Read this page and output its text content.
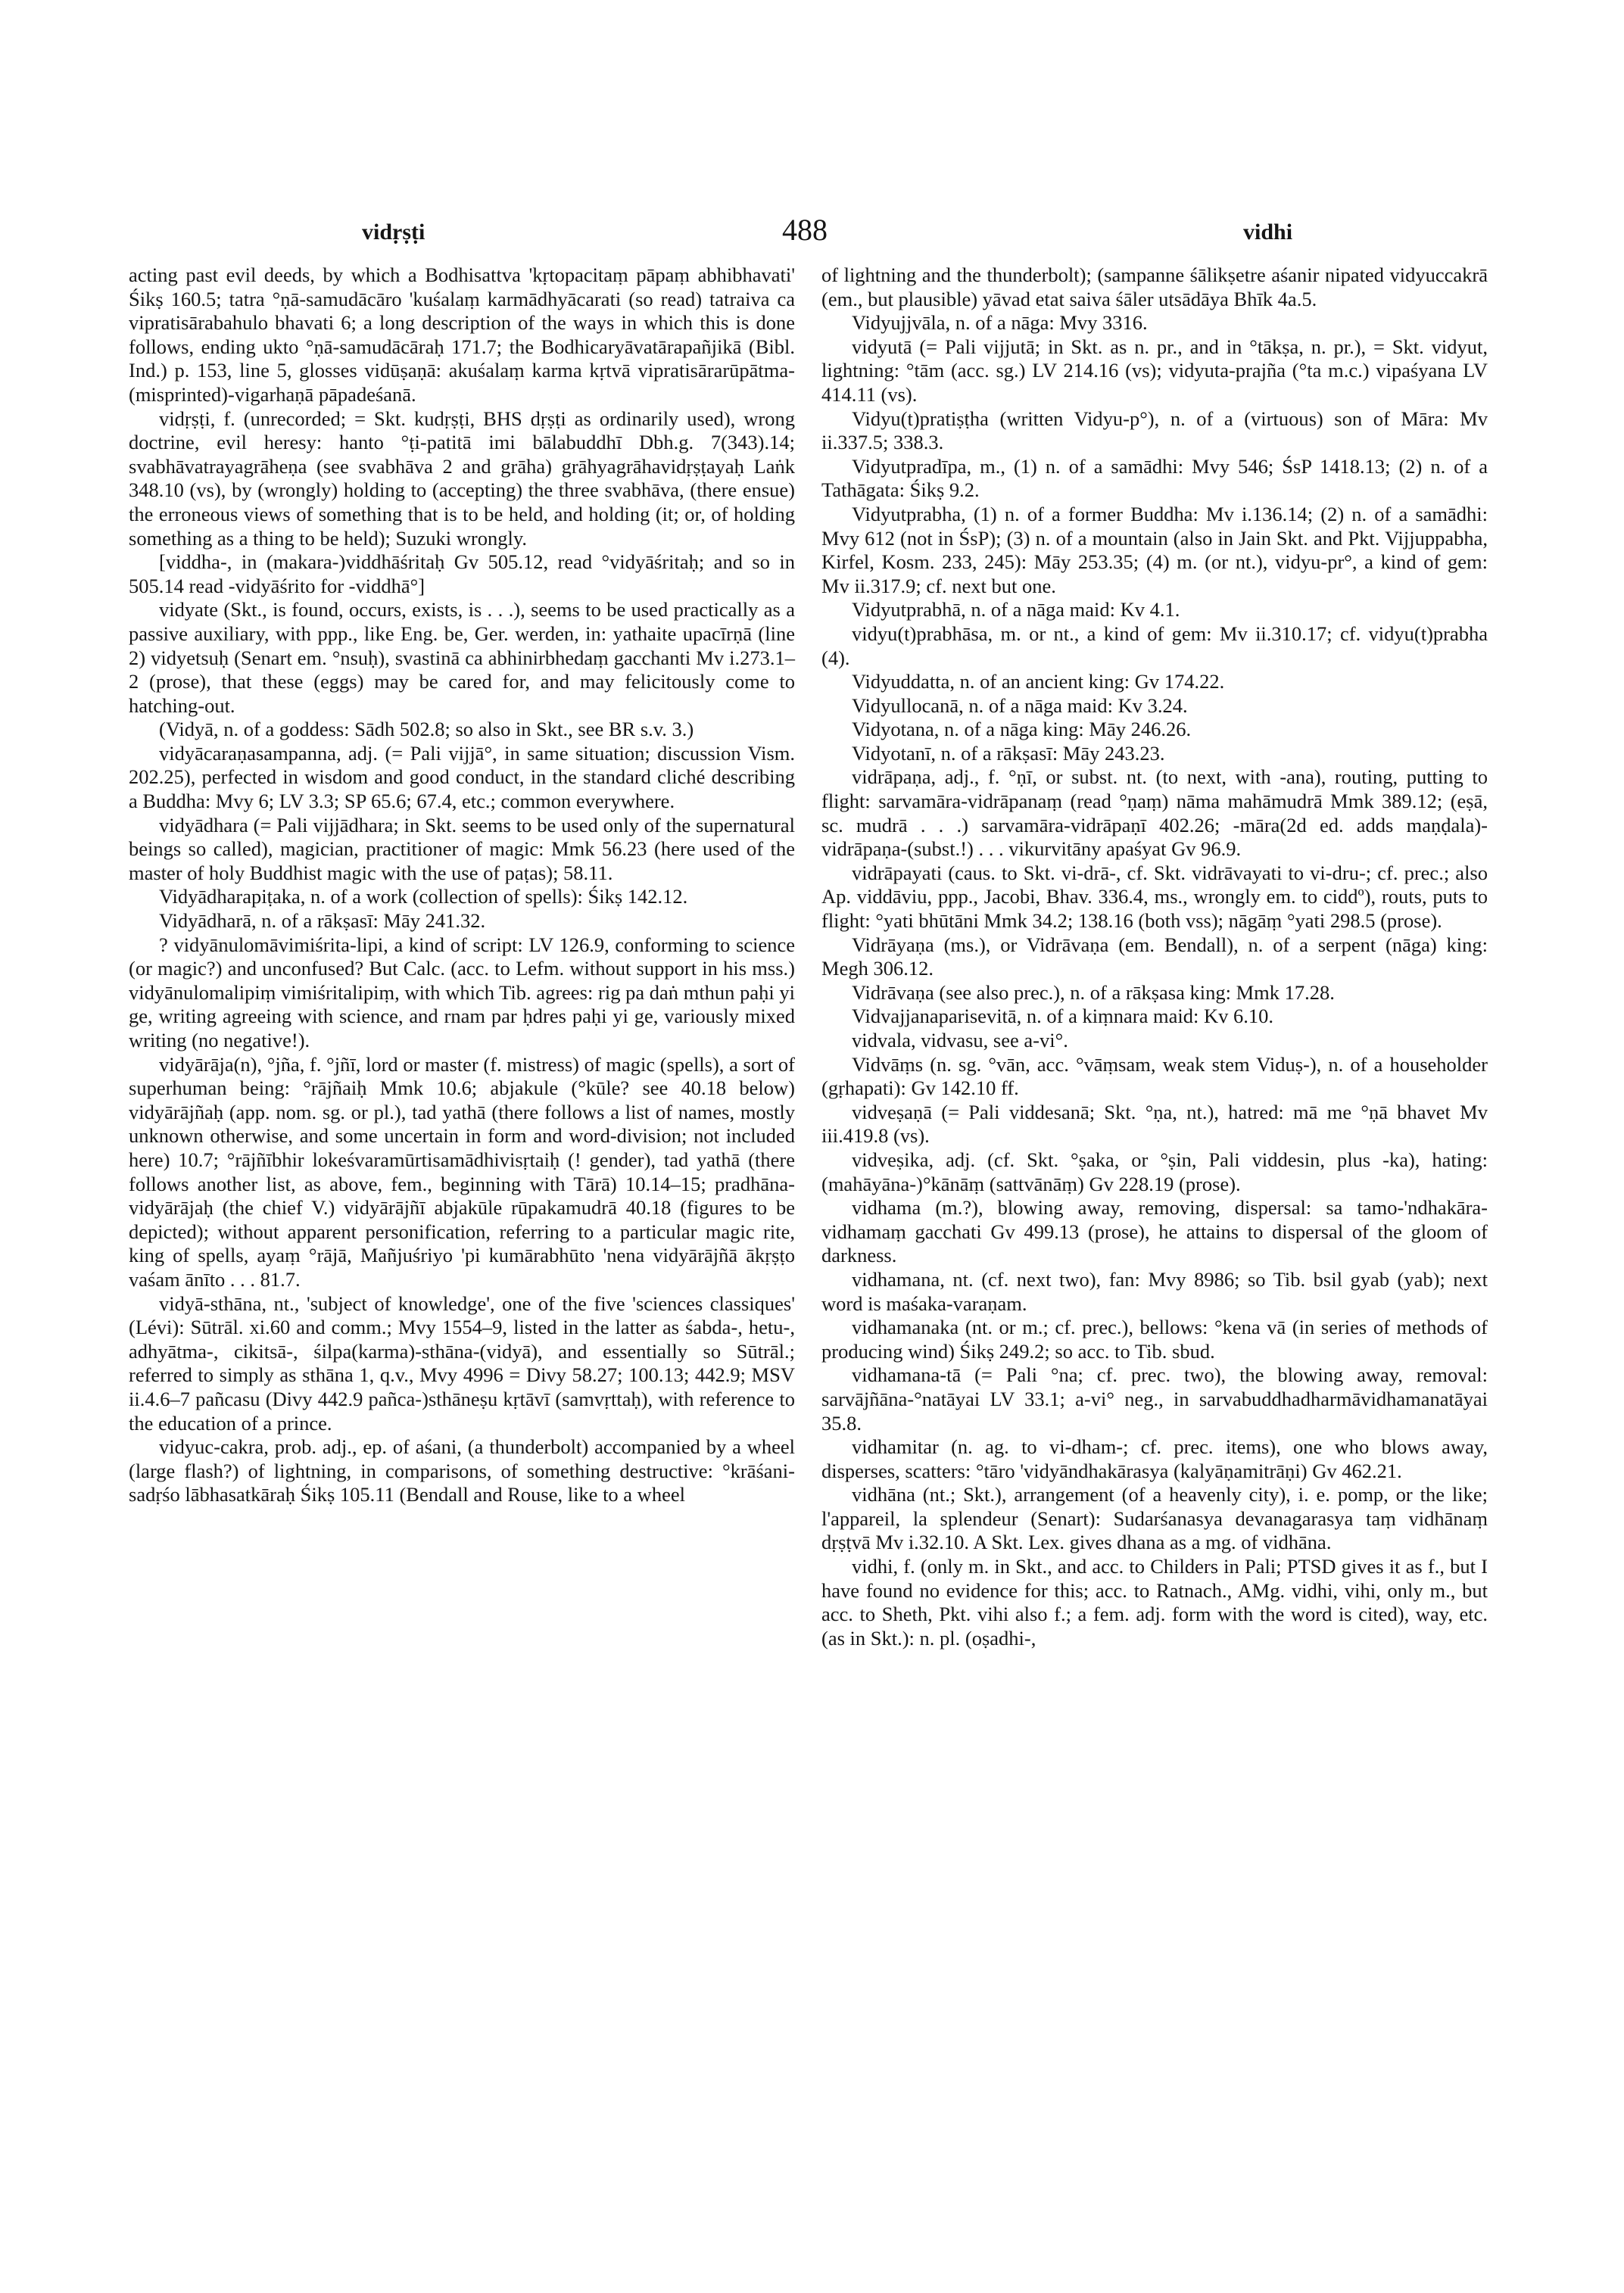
vidṛṣṭi	488	vidhi

acting past evil deeds, by which a Bodhisattva 'kṛtopacitaṃ pāpaṃ abhibhavati' Śikṣ 160.5; tatra °ṇā-samudācāro 'kuśalaṃ karmādhyācarati (so read) tatraiva ca vipratisārabahulo bhavati 6; a long description of the ways in which this is done follows, ending ukto °ṇā-samudācāraḥ 171.7; the Bodhicaryāvatārapañjikā (Bibl. Ind.) p. 153, line 5, glosses vidūṣaṇā: akuśalaṃ karma kṛtvā vipratisārarūpātma-(misprinted)-vigarhaṇā pāpadeśanā.

vidṛṣṭi, f. (unrecorded; = Skt. kudṛṣṭi, BHS dṛṣṭi as ordinarily used), wrong doctrine, evil heresy: hanto °ṭi-patitā imi bālabuddhī Dbh.g. 7(343).14; svabhāvatrayagrāheṇa (see svabhāva 2 and grāha) grāhyagrāhavidṛṣṭayaḥ Laṅk 348.10 (vs), by (wrongly) holding to (accepting) the three svabhāva, (there ensue) the erroneous views of something that is to be held, and holding (it; or, of holding something as a thing to be held); Suzuki wrongly.

[viddha-, in (makara-)viddhāśritaḥ Gv 505.12, read °vidyāśritaḥ; and so in 505.14 read -vidyāśrito for -viddhā°]

vidyate (Skt., is found, occurs, exists, is . . .), seems to be used practically as a passive auxiliary, with ppp., like Eng. be, Ger. werden, in: yathaite upacīrṇā (line 2) vidyetsuḥ (Senart em. °nsuḥ), svastinā ca abhinirbhedaṃ gacchanti Mv i.273.1–2 (prose), that these (eggs) may be cared for, and may felicitously come to hatching-out.

(Vidyā, n. of a goddess: Sādh 502.8; so also in Skt., see BR s.v. 3.)

vidyācaraṇasampanna, adj. (= Pali vijjā°, in same situation; discussion Vism. 202.25), perfected in wisdom and good conduct, in the standard cliché describing a Buddha: Mvy 6; LV 3.3; SP 65.6; 67.4, etc.; common everywhere.

vidyādhara (= Pali vijjādhara; in Skt. seems to be used only of the supernatural beings so called), magician, practitioner of magic: Mmk 56.23 (here used of the master of holy Buddhist magic with the use of paṭas); 58.11.

Vidyādharapiṭaka, n. of a work (collection of spells): Śikṣ 142.12.

Vidyādharā, n. of a rākṣasī: Māy 241.32.

? vidyānulomāvimiśrita-lipi, a kind of script: LV 126.9, conforming to science (or magic?) and unconfused? But Calc. (acc. to Lefm. without support in his mss.) vidyānulomalipiṃ vimiśritalipiṃ, with which Tib. agrees: rig pa daṅ mthun paḥi yi ge, writing agreeing with science, and rnam par ḥdres paḥi yi ge, variously mixed writing (no negative!).

vidyārāja(n), °jña, f. °jñī, lord or master (f. mistress) of magic (spells), a sort of superhuman being: °rājñaiḥ Mmk 10.6; abjakule (°kūle? see 40.18 below) vidyārājñaḥ (app. nom. sg. or pl.), tad yathā (there follows a list of names, mostly unknown otherwise, and some uncertain in form and word-division; not included here) 10.7; °rājñībhir lokeśvaramūrtisamādhivisṛtaiḥ (! gender), tad yathā (there follows another list, as above, fem., beginning with Tārā) 10.14–15; pradhāna-vidyārājaḥ (the chief V.) vidyārājñī abjakūle rūpakamudrā 40.18 (figures to be depicted); without apparent personification, referring to a particular magic rite, king of spells, ayaṃ °rājā, Mañjuśriyo 'pi kumārabhūto 'nena vidyārājñā ākṛṣṭo vaśam ānīto . . . 81.7.

vidyā-sthāna, nt., 'subject of knowledge', one of the five 'sciences classiques' (Lévi): Sūtrāl. xi.60 and comm.; Mvy 1554–9, listed in the latter as śabda-, hetu-, adhyātma-, cikitsā-, śilpa(karma)-sthāna-(vidyā), and essentially so Sūtrāl.; referred to simply as sthāna 1, q.v., Mvy 4996 = Divy 58.27; 100.13; 442.9; MSV ii.4.6–7 pañcasu (Divy 442.9 pañca-)sthāneṣu kṛtāvī (samvṛttaḥ), with reference to the education of a prince.

vidyuc-cakra, prob. adj., ep. of aśani, (a thunderbolt) accompanied by a wheel (large flash?) of lightning, in comparisons, of something destructive: °krāśani-sadṛśo lābhasatkāraḥ Śikṣ 105.11 (Bendall and Rouse, like to a wheel

of lightning and the thunderbolt); (sampanne śālikṣetre aśanir nipated vidyuccakrā (em., but plausible) yāvad etat saiva śāler utsādāya Bhīk 4a.5.

Vidyujjvāla, n. of a nāga: Mvy 3316.

vidyutā (= Pali vijjutā; in Skt. as n. pr., and in °tākṣa, n. pr.), = Skt. vidyut, lightning: °tām (acc. sg.) LV 214.16 (vs); vidyuta-prajña (°ta m.c.) vipaśyana LV 414.11 (vs).

Vidyu(t)pratiṣṭha (written Vidyu-p°), n. of a (virtuous) son of Māra: Mv ii.337.5; 338.3.

Vidyutpradīpa, m., (1) n. of a samādhi: Mvy 546; ŚsP 1418.13; (2) n. of a Tathāgata: Śikṣ 9.2.

Vidyutprabha, (1) n. of a former Buddha: Mv i.136.14; (2) n. of a samādhi: Mvy 612 (not in ŚsP); (3) n. of a mountain (also in Jain Skt. and Pkt. Vijjuppabha, Kirfel, Kosm. 233, 245): Māy 253.35; (4) m. (or nt.), vidyu-pr°, a kind of gem: Mv ii.317.9; cf. next but one.

Vidyutprabhā, n. of a nāga maid: Kv 4.1.

vidyu(t)prabhāsa, m. or nt., a kind of gem: Mv ii.310.17; cf. vidyu(t)prabha (4).

Vidyuddatta, n. of an ancient king: Gv 174.22.

Vidyullocanā, n. of a nāga maid: Kv 3.24.

Vidyotana, n. of a nāga king: Māy 246.26.

Vidyotanī, n. of a rākṣasī: Māy 243.23.

vidrāpaṇa, adj., f. °ṇī, or subst. nt. (to next, with -ana), routing, putting to flight: sarvamāra-vidrāpanaṃ (read °ṇaṃ) nāma mahāmudrā Mmk 389.12; (eṣā, sc. mudrā . . .) sarvamāra-vidrāpaṇī 402.26; -māra(2d ed. adds maṇḍala)-vidrāpaṇa-(subst.!) . . . vikurvitāny apaśyat Gv 96.9.

vidrāpayati (caus. to Skt. vi-drā-, cf. Skt. vidrāvayati to vi-dru-; cf. prec.; also Ap. viddāviu, ppp., Jacobi, Bhav. 336.4, ms., wrongly em. to ciddº), routs, puts to flight: °yati bhūtāni Mmk 34.2; 138.16 (both vss); nāgāṃ °yati 298.5 (prose).

Vidrāyaṇa (ms.), or Vidrāvaṇa (em. Bendall), n. of a serpent (nāga) king: Megh 306.12.

Vidrāvaṇa (see also prec.), n. of a rākṣasa king: Mmk 17.28.

Vidvajjanaparisevitā, n. of a kiṃnara maid: Kv 6.10.

vidvala, vidvasu, see a-vi°.

Vidvāṃs (n. sg. °vān, acc. °vāṃsam, weak stem Viduṣ-), n. of a householder (gṛhapati): Gv 142.10 ff.

vidveṣaṇā (= Pali viddesanā; Skt. °ṇa, nt.), hatred: mā me °ṇā bhavet Mv iii.419.8 (vs).

vidveṣika, adj. (cf. Skt. °ṣaka, or °ṣin, Pali viddesin, plus -ka), hating: (mahāyāna-)°kānāṃ (sattvānāṃ) Gv 228.19 (prose).

vidhama (m.?), blowing away, removing, dispersal: sa tamo-'ndhakāra-vidhamaṃ gacchati Gv 499.13 (prose), he attains to dispersal of the gloom of darkness.

vidhamana, nt. (cf. next two), fan: Mvy 8986; so Tib. bsil gyab (yab); next word is maśaka-varaṇam.

vidhamanaka (nt. or m.; cf. prec.), bellows: °kena vā (in series of methods of producing wind) Śikṣ 249.2; so acc. to Tib. sbud.

vidhamana-tā (= Pali °na; cf. prec. two), the blowing away, removal: sarvājñāna-°natāyai LV 33.1; a-vi° neg., in sarvabuddhadharmāvidhamanatāyai 35.8.

vidhamitar (n. ag. to vi-dham-; cf. prec. items), one who blows away, disperses, scatters: °tāro 'vidyāndhakārasya (kalyāṇamitrāṇi) Gv 462.21.

vidhāna (nt.; Skt.), arrangement (of a heavenly city), i. e. pomp, or the like; l'appareil, la splendeur (Senart): Sudarśanasya devanagarasya taṃ vidhānaṃ dṛṣṭvā Mv i.32.10. A Skt. Lex. gives dhana as a mg. of vidhāna.

vidhi, f. (only m. in Skt., and acc. to Childers in Pali; PTSD gives it as f., but I have found no evidence for this; acc. to Ratnach., AMg. vidhi, vihi, only m., but acc. to Sheth, Pkt. vihi also f.; a fem. adj. form with the word is cited), way, etc. (as in Skt.): n. pl. (oṣadhi-,
